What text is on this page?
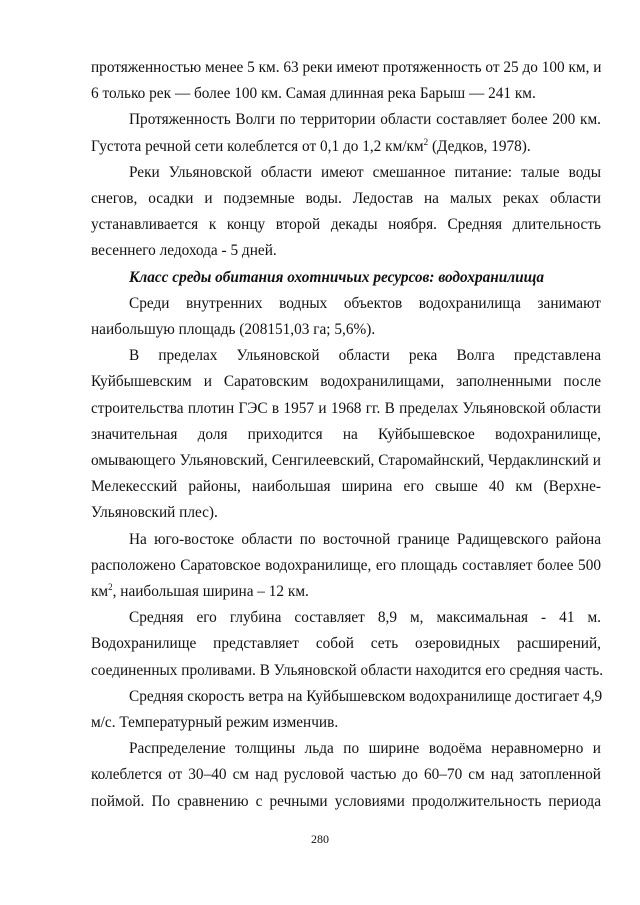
протяженностью менее 5 км. 63 реки имеют протяженность от 25 до 100 км, и
6 только рек — более 100 км. Самая длинная река Барыш — 241 км.

Протяженность Волги по территории области составляет более 200 км.
Густота речной сети колеблется от 0,1 до 1,2 $км/км^2$ (Дедков, 1978).

Реки Ульяновской области имеют смешанное питание: талые воды
снегов, осадки и подземные воды. Ледостав на малых реках области
устанавливается к концу второй декады ноября. Средняя длительность
весеннего ледохода - 5 дней.

Класс среды обитания охотничьих ресурсов: водохранилища

Среди внутренних водных объектов водохранилища занимают
наибольшую площадь (208151,03 га; 5,6%).

В пределах Ульяновской области река Волга представлена
Куйбышевским и Саратовским водохранилищами, заполненными после
строительства плотин ГЭС в 1957 и 1968 гг. В пределах Ульяновской области
значительная доля приходится на Куйбышевское водохранилище,
омывающего Ульяновский, Сенгилеевский, Старомайнский, Чердаклинский и
Мелекесский районы, наибольшая ширина его свыше 40 км (Верхне-
Ульяновский плес).

На юго-востоке области по восточной границе Радищевского района
расположено Саратовское водохранилище, его площадь составляет более 500
$км^2$, наибольшая ширина – 12 км.

Средняя его глубина составляет 8,9 м, максимальная - 41 м.
Водохранилище представляет собой сеть озеровидных расширений,
соединенных проливами. В Ульяновской области находится его средняя часть.

Средняя скорость ветра на Куйбышевском водохранилище достигает 4,9
м/с. Температурный режим изменчив.

Распределение толщины льда по ширине водоёма неравномерно и
колеблется от 30–40 см над русловой частью до 60–70 см над затопленной
поймой. По сравнению с речными условиями продолжительность периода

280
